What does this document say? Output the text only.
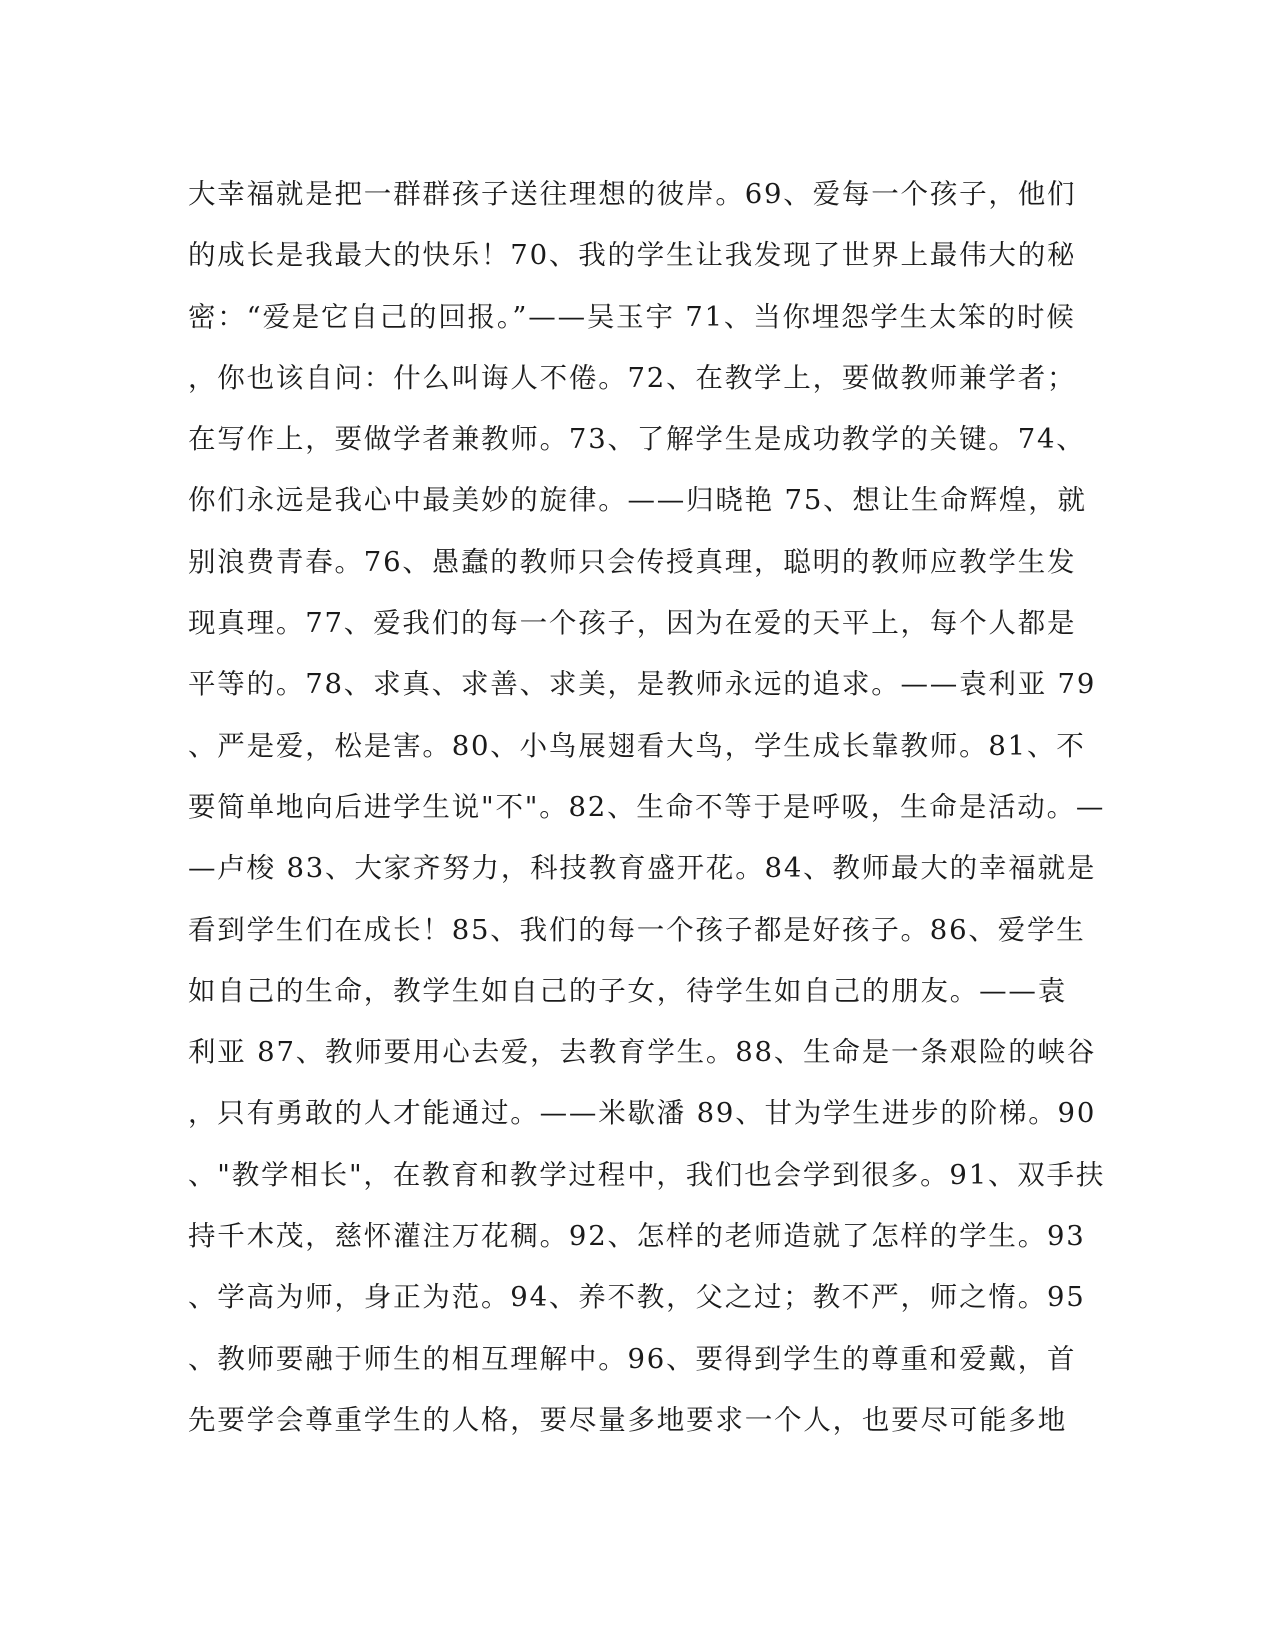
大幸福就是把一群群孩子送往理想的彼岸。69、爱每一个孩子，他们
的成长是我最大的快乐！70、我的学生让我发现了世界上最伟大的秘
密：“爱是它自己的回报。”——吴玉宇 71、当你埋怨学生太笨的时候
，你也该自问：什么叫诲人不倦。72、在教学上，要做教师兼学者；
在写作上，要做学者兼教师。73、了解学生是成功教学的关键。74、
你们永远是我心中最美妙的旋律。——归晓艳 75、想让生命辉煌，就
别浪费青春。76、愚蠢的教师只会传授真理，聪明的教师应教学生发
现真理。77、爱我们的每一个孩子，因为在爱的天平上，每个人都是
平等的。78、求真、求善、求美，是教师永远的追求。——袁利亚 79
、严是爱，松是害。80、小鸟展翅看大鸟，学生成长靠教师。81、不
要简单地向后进学生说"不"。82、生命不等于是呼吸，生命是活动。—
—卢梭 83、大家齐努力，科技教育盛开花。84、教师最大的幸福就是
看到学生们在成长！85、我们的每一个孩子都是好孩子。86、爱学生
如自己的生命，教学生如自己的子女，待学生如自己的朋友。——袁
利亚 87、教师要用心去爱，去教育学生。88、生命是一条艰险的峡谷
，只有勇敢的人才能通过。——米歇潘 89、甘为学生进步的阶梯。90
、"教学相长"，在教育和教学过程中，我们也会学到很多。91、双手扶
持千木茂，慈怀灌注万花稠。92、怎样的老师造就了怎样的学生。93
、学高为师，身正为范。94、养不教，父之过；教不严，师之惰。95
、教师要融于师生的相互理解中。96、要得到学生的尊重和爱戴，首
先要学会尊重学生的人格，要尽量多地要求一个人，也要尽可能多地
